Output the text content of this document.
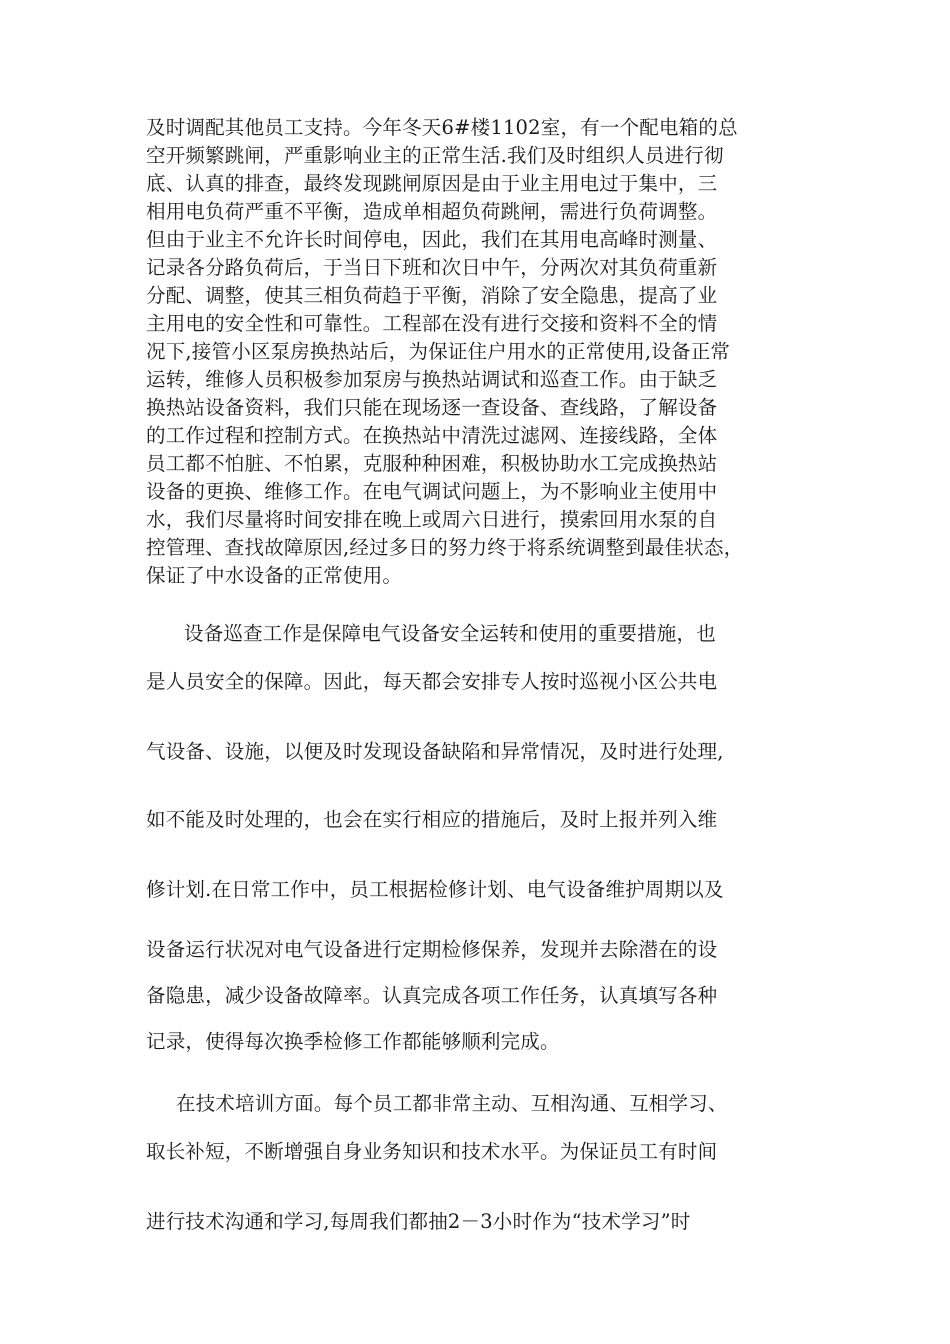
及时调配其他员工支持。今年冬天6#楼1102室，有一个配电箱的总
空开频繁跳闸，严重影响业主的正常生活.我们及时组织人员进行彻
底、认真的排查，最终发现跳闸原因是由于业主用电过于集中，三
相用电负荷严重不平衡，造成单相超负荷跳闸，需进行负荷调整。
但由于业主不允许长时间停电，因此，我们在其用电高峰时测量、
记录各分路负荷后，于当日下班和次日中午，分两次对其负荷重新
分配、调整，使其三相负荷趋于平衡，消除了安全隐患，提高了业
主用电的安全性和可靠性。工程部在没有进行交接和资料不全的情
况下,接管小区泵房换热站后，为保证住户用水的正常使用,设备正常
运转，维修人员积极参加泵房与换热站调试和巡查工作。由于缺乏
换热站设备资料，我们只能在现场逐一查设备、查线路，了解设备
的工作过程和控制方式。在换热站中清洗过滤网、连接线路，全体
员工都不怕脏、不怕累，克服种种困难，积极协助水工完成换热站
设备的更换、维修工作。在电气调试问题上，为不影响业主使用中
水，我们尽量将时间安排在晚上或周六日进行，摸索回用水泵的自
控管理、查找故障原因,经过多日的努力终于将系统调整到最佳状态，
保证了中水设备的正常使用。
设备巡查工作是保障电气设备安全运转和使用的重要措施，也
是人员安全的保障。因此，每天都会安排专人按时巡视小区公共电
气设备、设施，以便及时发现设备缺陷和异常情况，及时进行处理,
如不能及时处理的，也会在实行相应的措施后，及时上报并列入维
修计划.在日常工作中，员工根据检修计划、电气设备维护周期以及
设备运行状况对电气设备进行定期检修保养，发现并去除潜在的设
备隐患，减少设备故障率。认真完成各项工作任务，认真填写各种
记录，使得每次换季检修工作都能够顺利完成。
在技术培训方面。每个员工都非常主动、互相沟通、互相学习、
取长补短，不断增强自身业务知识和技术水平。为保证员工有时间
进行技术沟通和学习,每周我们都抽2－3小时作为“技术学习”时
